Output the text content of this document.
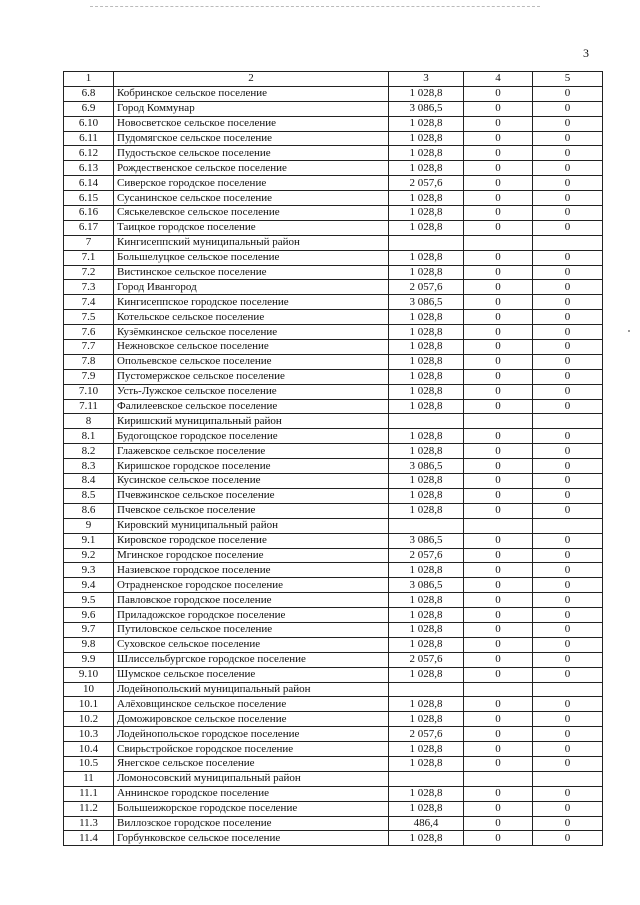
3
1	2	3	4	5
6.8	Кобринское сельское поселение	1 028,8	0	0
6.9	Город Коммунар	3 086,5	0	0
6.10	Новосветское сельское поселение	1 028,8	0	0
6.11	Пудомягское сельское поселение	1 028,8	0	0
6.12	Пудостьское сельское поселение	1 028,8	0	0
6.13	Рождественское сельское поселение	1 028,8	0	0
6.14	Сиверское городское поселение	2 057,6	0	0
6.15	Сусанинское сельское поселение	1 028,8	0	0
6.16	Сяськелевское сельское поселение	1 028,8	0	0
6.17	Таицкое городское поселение	1 028,8	0	0
7	Кингисеппский муниципальный район			
7.1	Большелуцкое сельское поселение	1 028,8	0	0
7.2	Вистинское сельское поселение	1 028,8	0	0
7.3	Город Ивангород	2 057,6	0	0
7.4	Кингисеппское городское поселение	3 086,5	0	0
7.5	Котельское сельское поселение	1 028,8	0	0
7.6	Кузёмкинское сельское поселение	1 028,8	0	0
7.7	Нежновское сельское поселение	1 028,8	0	0
7.8	Опольевское сельское поселение	1 028,8	0	0
7.9	Пустомержское сельское поселение	1 028,8	0	0
7.10	Усть-Лужское сельское поселение	1 028,8	0	0
7.11	Фалилеевское сельское поселение	1 028,8	0	0
8	Киришский муниципальный район			
8.1	Будогощское городское поселение	1 028,8	0	0
8.2	Глажевское сельское поселение	1 028,8	0	0
8.3	Киришское городское поселение	3 086,5	0	0
8.4	Кусинское сельское поселение	1 028,8	0	0
8.5	Пчевжинское сельское поселение	1 028,8	0	0
8.6	Пчевское сельское поселение	1 028,8	0	0
9	Кировский муниципальный район			
9.1	Кировское городское поселение	3 086,5	0	0
9.2	Мгинское городское поселение	2 057,6	0	0
9.3	Назиевское городское поселение	1 028,8	0	0
9.4	Отрадненское городское поселение	3 086,5	0	0
9.5	Павловское городское поселение	1 028,8	0	0
9.6	Приладожское городское поселение	1 028,8	0	0
9.7	Путиловское сельское поселение	1 028,8	0	0
9.8	Суховское сельское поселение	1 028,8	0	0
9.9	Шлиссельбургское городское поселение	2 057,6	0	0
9.10	Шумское сельское поселение	1 028,8	0	0
10	Лодейнопольский муниципальный район			
10.1	Алёховщинское сельское поселение	1 028,8	0	0
10.2	Доможировское сельское поселение	1 028,8	0	0
10.3	Лодейнопольское городское поселение	2 057,6	0	0
10.4	Свирьстройское городское поселение	1 028,8	0	0
10.5	Янегское сельское поселение	1 028,8	0	0
11	Ломоносовский муниципальный район			
11.1	Аннинское городское поселение	1 028,8	0	0
11.2	Большеижорское городское поселение	1 028,8	0	0
11.3	Виллозское городское поселение	486,4	0	0
11.4	Горбунковское сельское поселение	1 028,8	0	0
